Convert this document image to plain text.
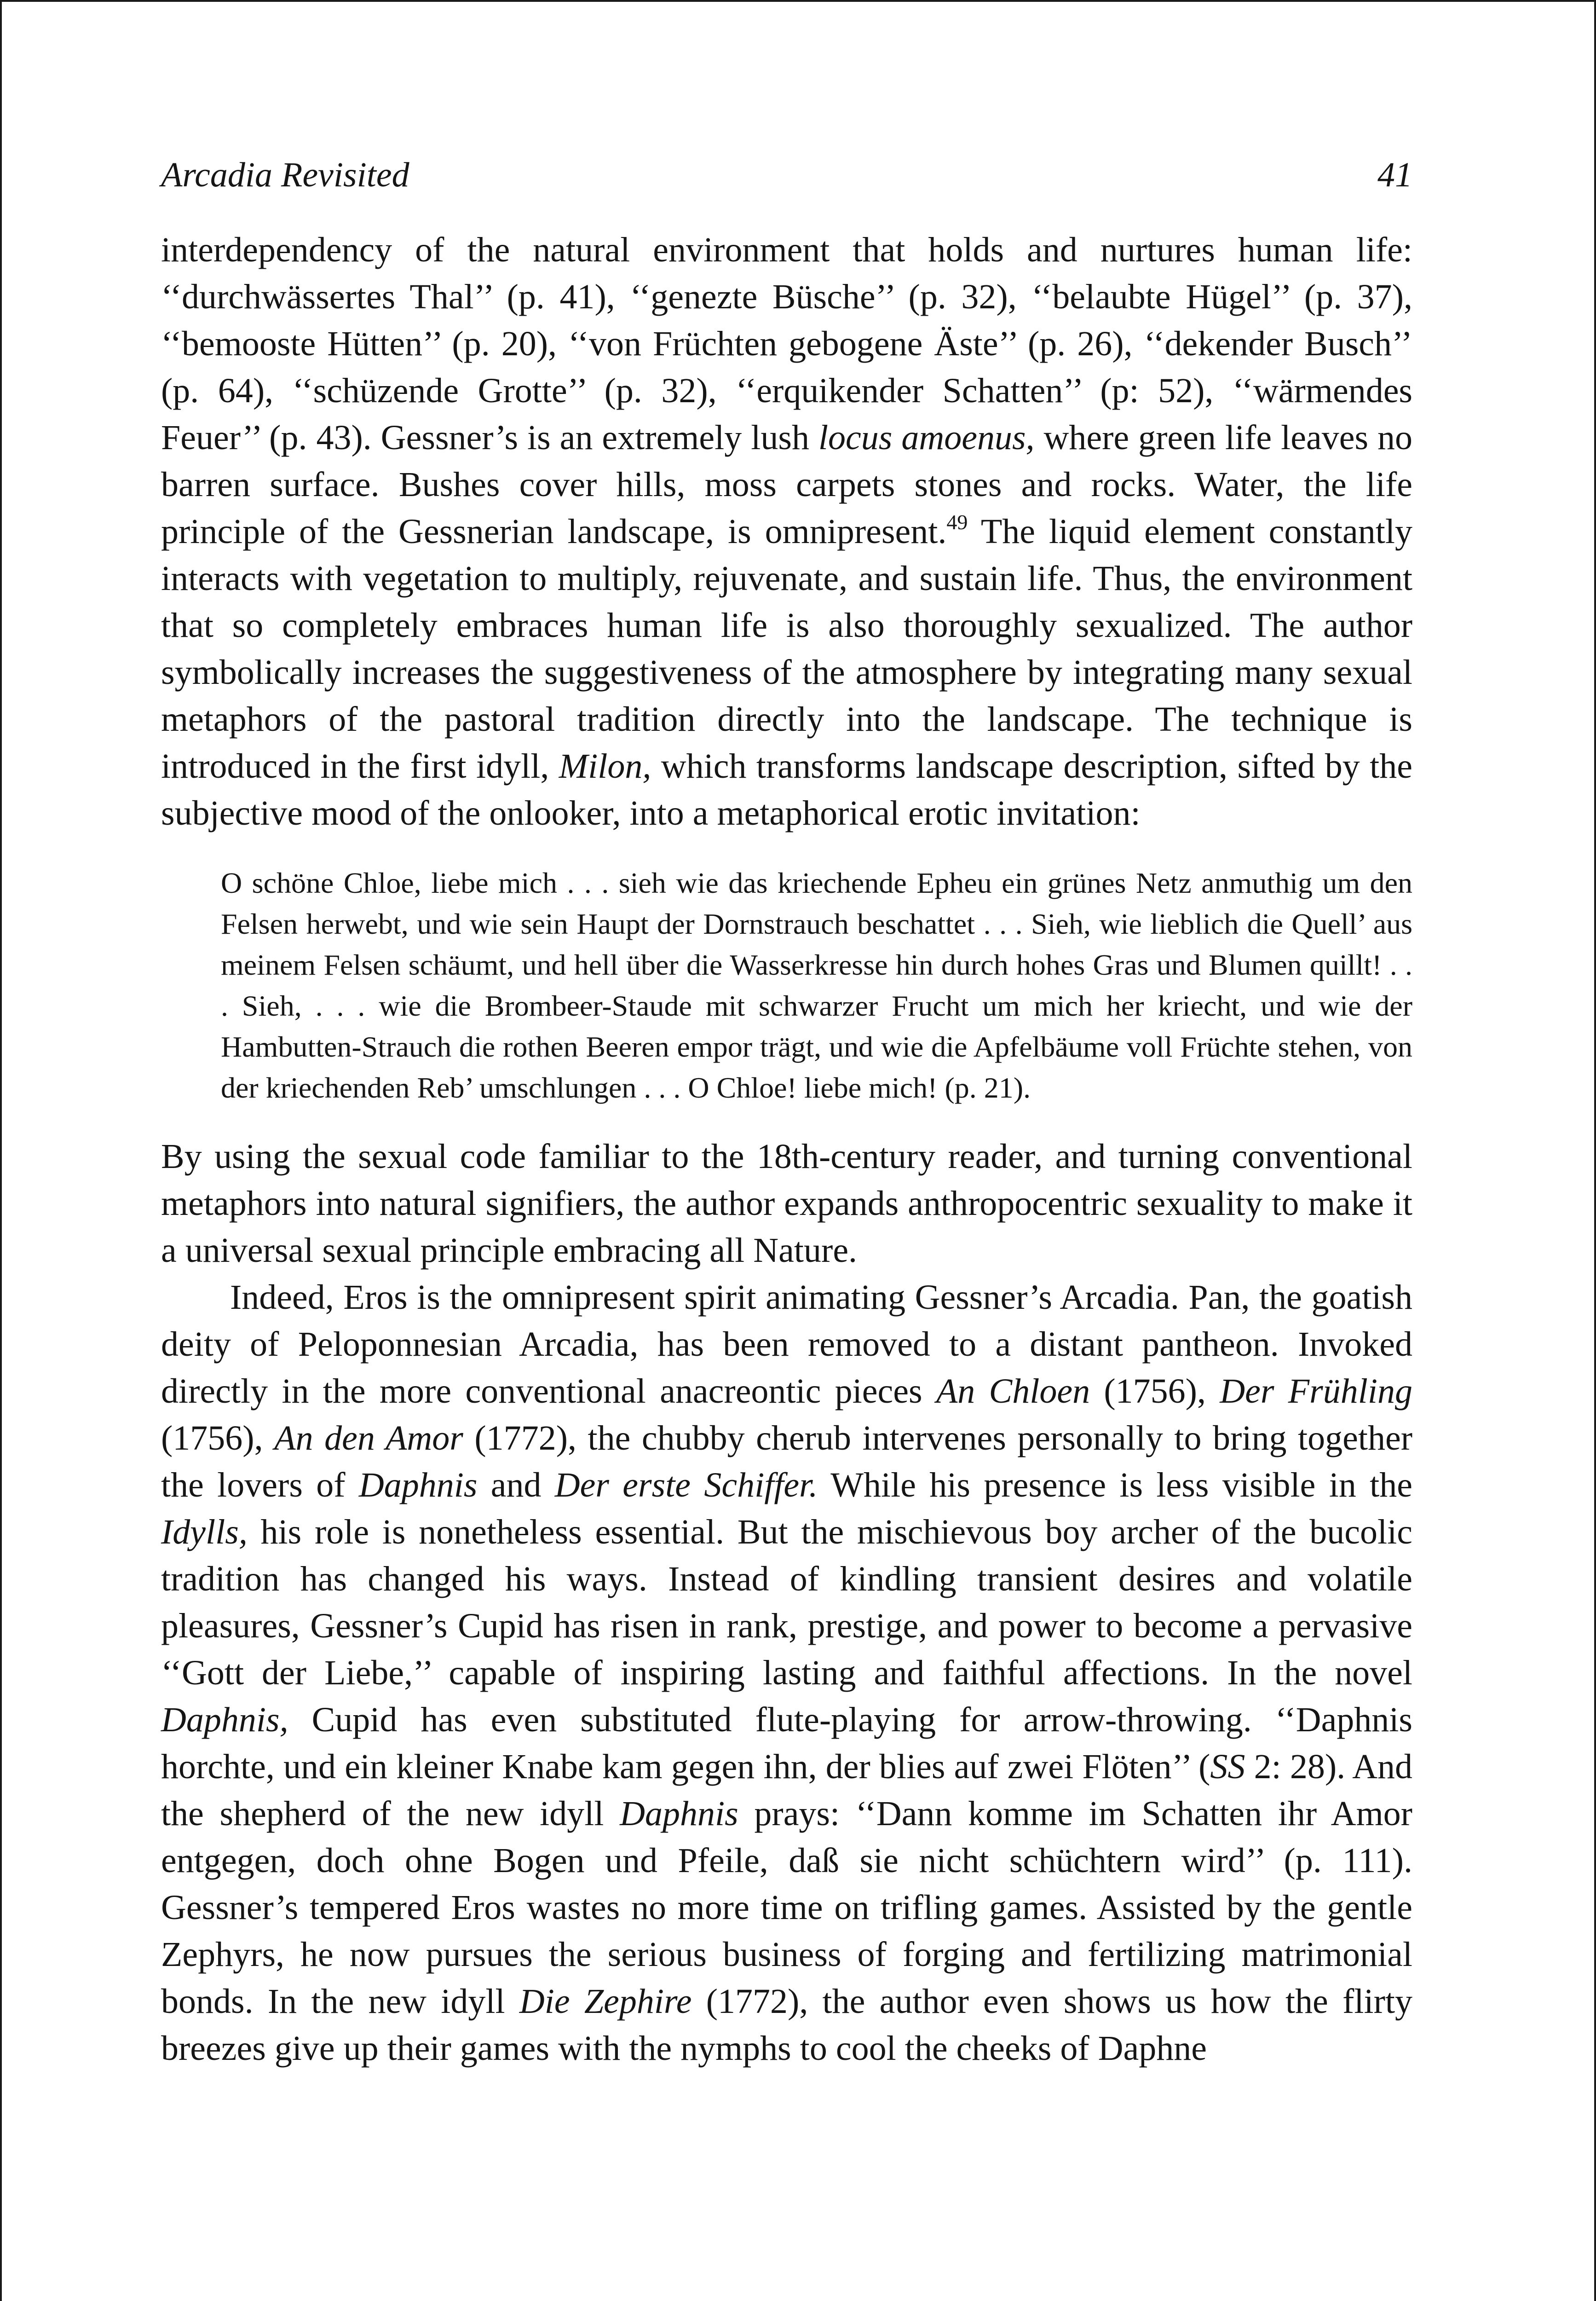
Arcadia Revisited	41

interdependency of the natural environment that holds and nurtures human life: ‘‘durchwässertes Thal’’ (p. 41), ‘‘genezte Büsche’’ (p. 32), ‘‘belaubte Hügel’’ (p. 37), ‘‘bemooste Hütten’’ (p. 20), ‘‘von Früchten gebogene Äste’’ (p. 26), ‘‘dekender Busch’’ (p. 64), ‘‘schüzende Grotte’’ (p. 32), ‘‘erquikender Schatten’’ (p: 52), ‘‘wärmendes Feuer’’ (p. 43). Gessner’s is an extremely lush locus amoenus, where green life leaves no barren surface. Bushes cover hills, moss carpets stones and rocks. Water, the life principle of the Gessnerian landscape, is omnipresent.$^{49}$ The liquid element constantly interacts with vegetation to multiply, rejuvenate, and sustain life. Thus, the environment that so completely embraces human life is also thoroughly sexualized. The author symbolically increases the suggestiveness of the atmosphere by integrating many sexual metaphors of the pastoral tradition directly into the landscape. The technique is introduced in the first idyll, Milon, which transforms landscape description, sifted by the subjective mood of the onlooker, into a metaphorical erotic invitation:

O schöne Chloe, liebe mich . . . sieh wie das kriechende Epheu ein grünes Netz anmuthig um den Felsen herwebt, und wie sein Haupt der Dornstrauch beschattet . . . Sieh, wie lieblich die Quell’ aus meinem Felsen schäumt, und hell über die Wasserkresse hin durch hohes Gras und Blumen quillt! . . . Sieh, . . . wie die Brombeer-Staude mit schwarzer Frucht um mich her kriecht, und wie der Hambutten-Strauch die rothen Beeren empor trägt, und wie die Apfelbäume voll Früchte stehen, von der kriechenden Reb’ umschlungen . . . O Chloe! liebe mich! (p. 21).

By using the sexual code familiar to the 18th-century reader, and turning conventional metaphors into natural signifiers, the author expands anthropocentric sexuality to make it a universal sexual principle embracing all Nature.

Indeed, Eros is the omnipresent spirit animating Gessner’s Arcadia. Pan, the goatish deity of Peloponnesian Arcadia, has been removed to a distant pantheon. Invoked directly in the more conventional anacreontic pieces An Chloen (1756), Der Frühling (1756), An den Amor (1772), the chubby cherub intervenes personally to bring together the lovers of Daphnis and Der erste Schiffer. While his presence is less visible in the Idylls, his role is nonetheless essential. But the mischievous boy archer of the bucolic tradition has changed his ways. Instead of kindling transient desires and volatile pleasures, Gessner’s Cupid has risen in rank, prestige, and power to become a pervasive ‘‘Gott der Liebe,’’ capable of inspiring lasting and faithful affections. In the novel Daphnis, Cupid has even substituted flute-playing for arrow-throwing. ‘‘Daphnis horchte, und ein kleiner Knabe kam gegen ihn, der blies auf zwei Flöten’’ (SS 2: 28). And the shepherd of the new idyll Daphnis prays: ‘‘Dann komme im Schatten ihr Amor entgegen, doch ohne Bogen und Pfeile, daß sie nicht schüchtern wird’’ (p. 111). Gessner’s tempered Eros wastes no more time on trifling games. Assisted by the gentle Zephyrs, he now pursues the serious business of forging and fertilizing matrimonial bonds. In the new idyll Die Zephire (1772), the author even shows us how the flirty breezes give up their games with the nymphs to cool the cheeks of Daphne
